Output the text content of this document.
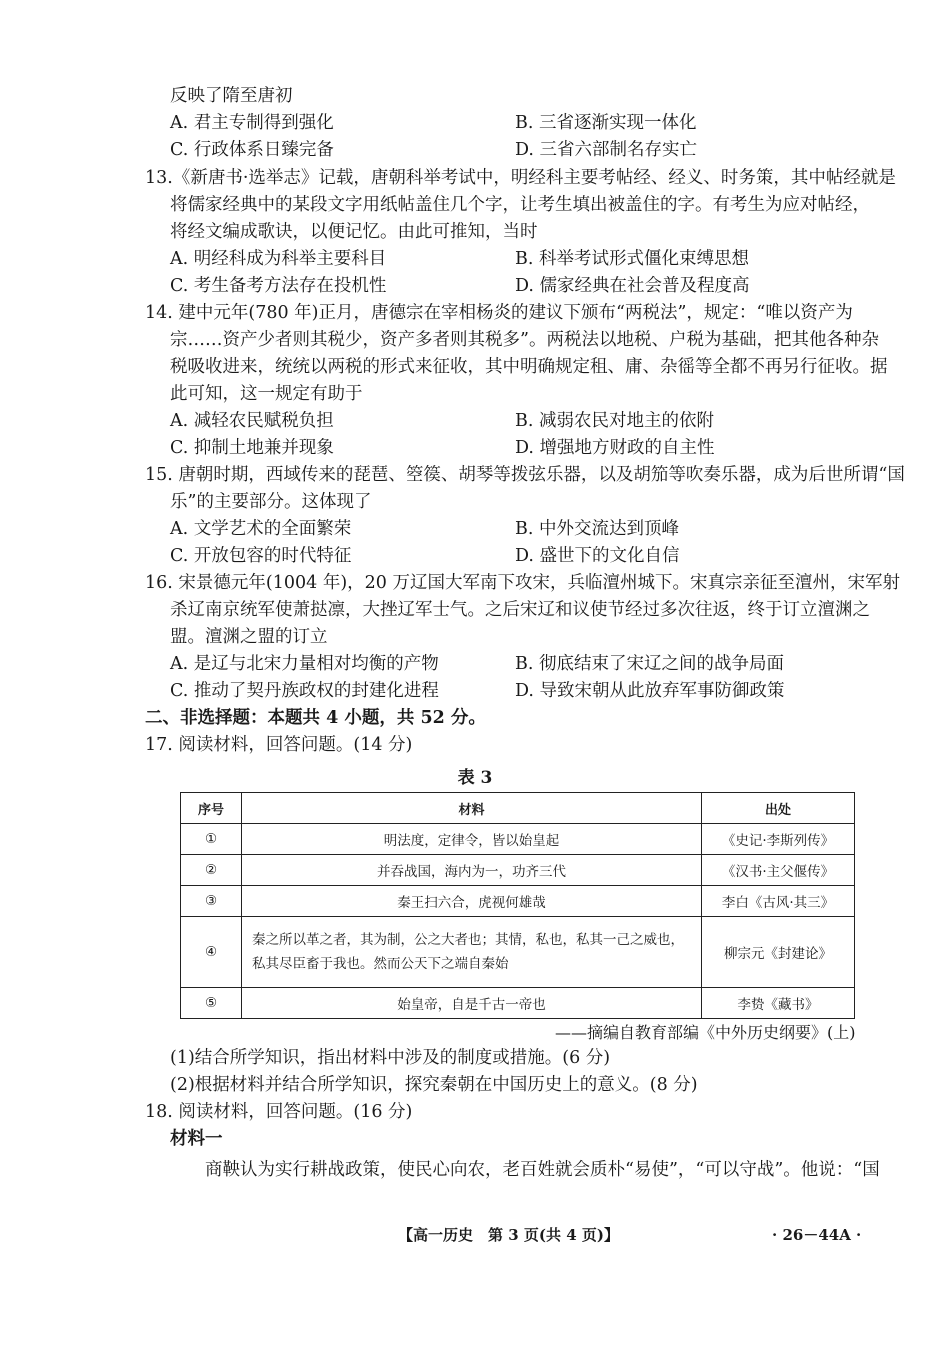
反映了隋至唐初
A. 君主专制得到强化	B. 三省逐渐实现一体化
C. 行政体系日臻完备	D. 三省六部制名存实亡
13.《新唐书·选举志》记载，唐朝科举考试中，明经科主要考帖经、经义、时务策，其中帖经就是
将儒家经典中的某段文字用纸帖盖住几个字，让考生填出被盖住的字。有考生为应对帖经，
将经文编成歌诀，以便记忆。由此可推知，当时
A. 明经科成为科举主要科目	B. 科举考试形式僵化束缚思想
C. 考生备考方法存在投机性	D. 儒家经典在社会普及程度高
14. 建中元年(780 年)正月，唐德宗在宰相杨炎的建议下颁布“两税法”，规定：“唯以资产为
宗……资产少者则其税少，资产多者则其税多”。两税法以地税、户税为基础，把其他各种杂
税吸收进来，统统以两税的形式来征收，其中明确规定租、庸、杂徭等全都不再另行征收。据
此可知，这一规定有助于
A. 减轻农民赋税负担	B. 减弱农民对地主的依附
C. 抑制土地兼并现象	D. 增强地方财政的自主性
15. 唐朝时期，西域传来的琵琶、箜篌、胡琴等拨弦乐器，以及胡笳等吹奏乐器，成为后世所谓“国
乐”的主要部分。这体现了
A. 文学艺术的全面繁荣	B. 中外交流达到顶峰
C. 开放包容的时代特征	D. 盛世下的文化自信
16. 宋景德元年(1004 年)，20 万辽国大军南下攻宋，兵临澶州城下。宋真宗亲征至澶州，宋军射
杀辽南京统军使萧挞凛，大挫辽军士气。之后宋辽和议使节经过多次往返，终于订立澶渊之
盟。澶渊之盟的订立
A. 是辽与北宋力量相对均衡的产物	B. 彻底结束了宋辽之间的战争局面
C. 推动了契丹族政权的封建化进程	D. 导致宋朝从此放弃军事防御政策
二、非选择题：本题共 4 小题，共 52 分。
17. 阅读材料，回答问题。(14 分)
表 3
序号	材料	出处
①	明法度，定律令，皆以始皇起	《史记·李斯列传》
②	并吞战国，海内为一，功齐三代	《汉书·主父偃传》
③	秦王扫六合，虎视何雄哉	李白《古风·其三》
④	秦之所以革之者，其为制，公之大者也；其情，私也，私其一己之威也，私其尽臣畜于我也。然而公天下之端自秦始	柳宗元《封建论》
⑤	始皇帝，自是千古一帝也	李贽《藏书》
——摘编自教育部编《中外历史纲要》(上)
(1)结合所学知识，指出材料中涉及的制度或措施。(6 分)
(2)根据材料并结合所学知识，探究秦朝在中国历史上的意义。(8 分)
18. 阅读材料，回答问题。(16 分)
材料一
商鞅认为实行耕战政策，使民心向农，老百姓就会质朴“易使”，“可以守战”。他说：“国
【高一历史　第 3 页(共 4 页)】	· 26－44A ·
